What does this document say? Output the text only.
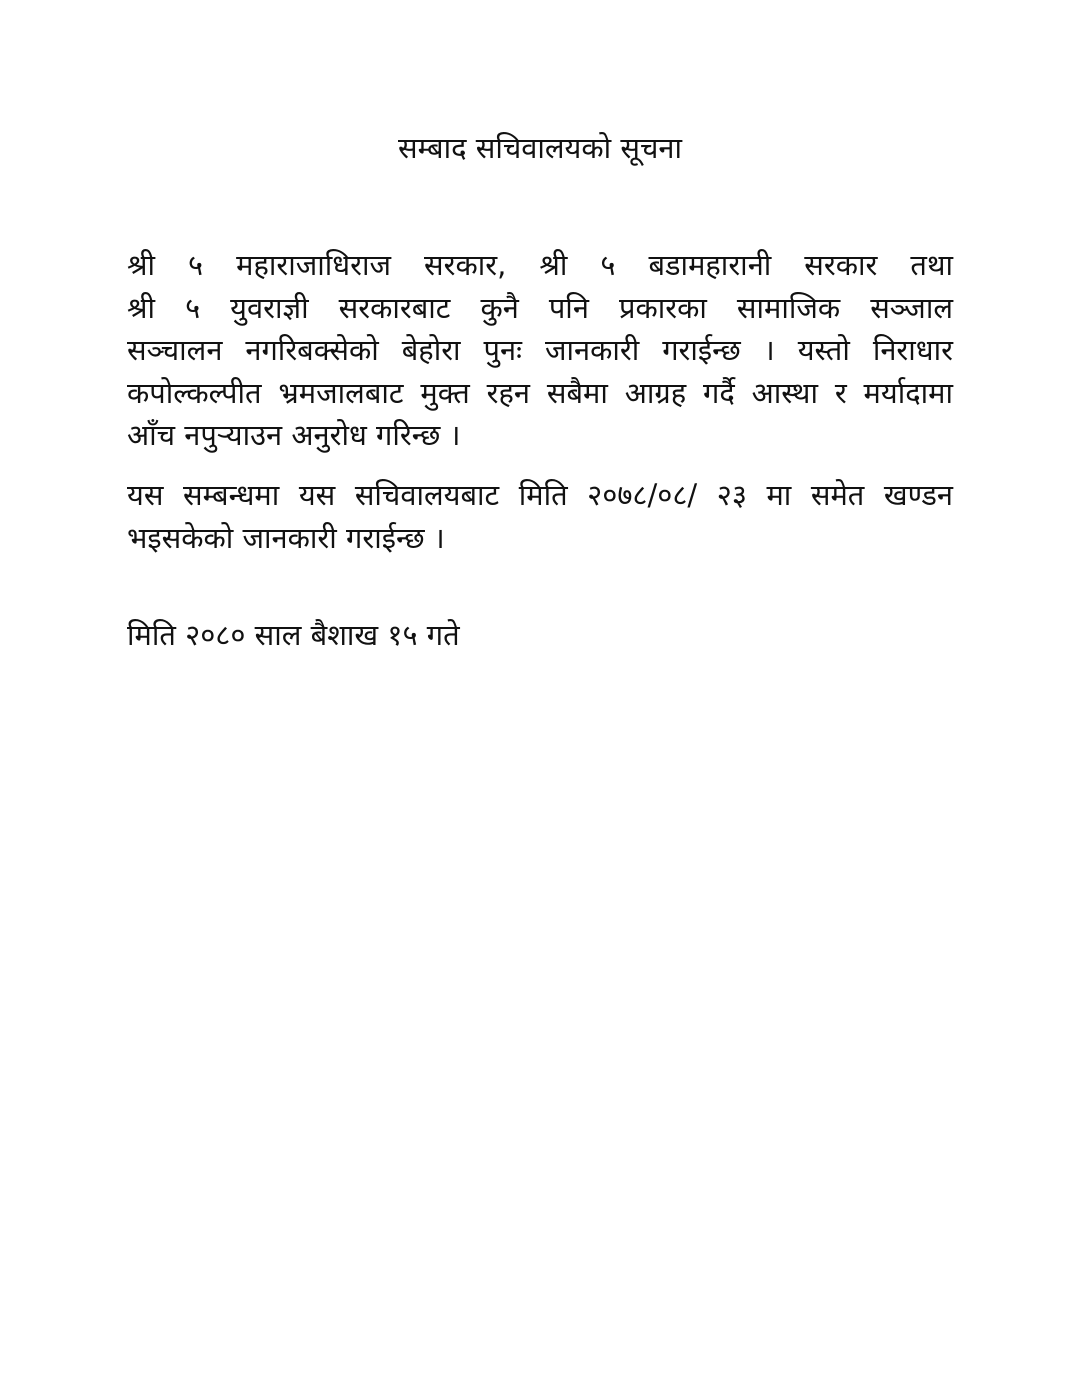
सम्बाद सचिवालयको सूचना
श्री ५ महाराजाधिराज सरकार, श्री ५ बडामहारानी सरकार तथा
श्री ५ युवराज्ञी सरकारबाट कुनै पनि प्रकारका सामाजिक सञ्जाल
सञ्चालन नगरिबक्सेको बेहोरा पुनः जानकारी गराईन्छ । यस्तो निराधार
कपोल्कल्पीत भ्रमजालबाट मुक्त रहन सबैमा आग्रह गर्दै आस्था र मर्यादामा
आँच नपुर्‍याउन अनुरोध गरिन्छ ।
यस सम्बन्धमा यस सचिवालयबाट मिति २०७८/०८/ २३ मा समेत खण्डन
भइसकेको जानकारी गराईन्छ ।
मिति २०८० साल बैशाख १५ गते
